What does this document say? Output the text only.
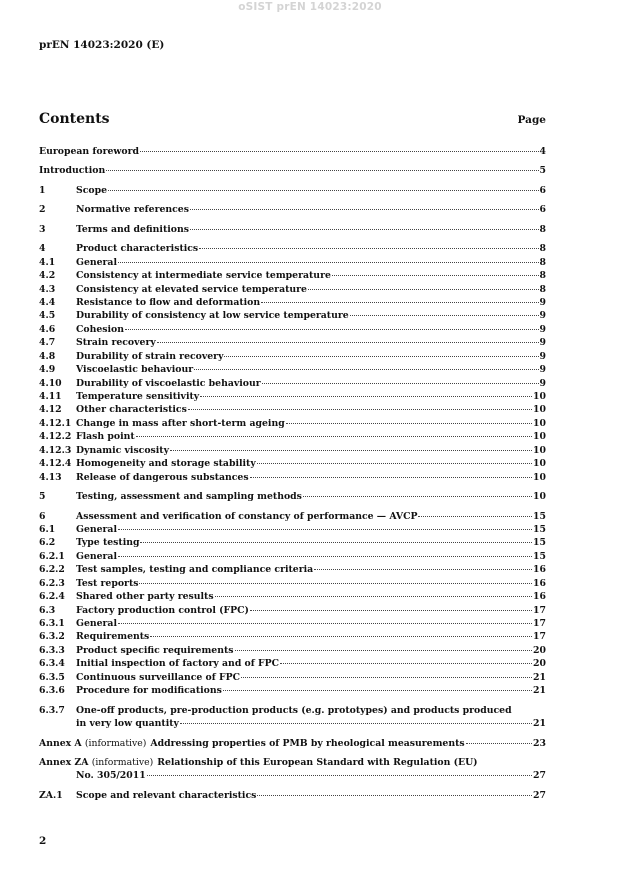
oSIST prEN 14023:2020
prEN 14023:2020 (E)
Contents	Page
European foreword	4
Introduction	5
1	Scope	6
2	Normative references	6
3	Terms and definitions	8
4	Product characteristics	8
4.1	General	8
4.2	Consistency at intermediate service temperature	8
4.3	Consistency at elevated service temperature	8
4.4	Resistance to flow and deformation	9
4.5	Durability of consistency at low service temperature	9
4.6	Cohesion	9
4.7	Strain recovery	9
4.8	Durability of strain recovery	9
4.9	Viscoelastic behaviour	9
4.10	Durability of viscoelastic behaviour	9
4.11	Temperature sensitivity	10
4.12	Other characteristics	10
4.12.1 Change in mass after short-term ageing	10
4.12.2 Flash point	10
4.12.3 Dynamic viscosity	10
4.12.4 Homogeneity and storage stability	10
4.13	Release of dangerous substances	10
5	Testing, assessment and sampling methods	10
6	Assessment and verification of constancy of performance — AVCP	15
6.1	General	15
6.2	Type testing	15
6.2.1	General	15
6.2.2	Test samples, testing and compliance criteria	16
6.2.3	Test reports	16
6.2.4	Shared other party results	16
6.3	Factory production control (FPC)	17
6.3.1	General	17
6.3.2	Requirements	17
6.3.3	Product specific requirements	20
6.3.4	Initial inspection of factory and of FPC	20
6.3.5	Continuous surveillance of FPC	21
6.3.6	Procedure for modifications	21
6.3.7	One-off products, pre-production products (e.g. prototypes) and products produced
in very low quantity	21
Annex A (informative) Addressing properties of PMB by rheological measurements	23
Annex ZA (informative) Relationship of this European Standard with Regulation (EU)
No. 305/2011	27
ZA.1	Scope and relevant characteristics	27
2
